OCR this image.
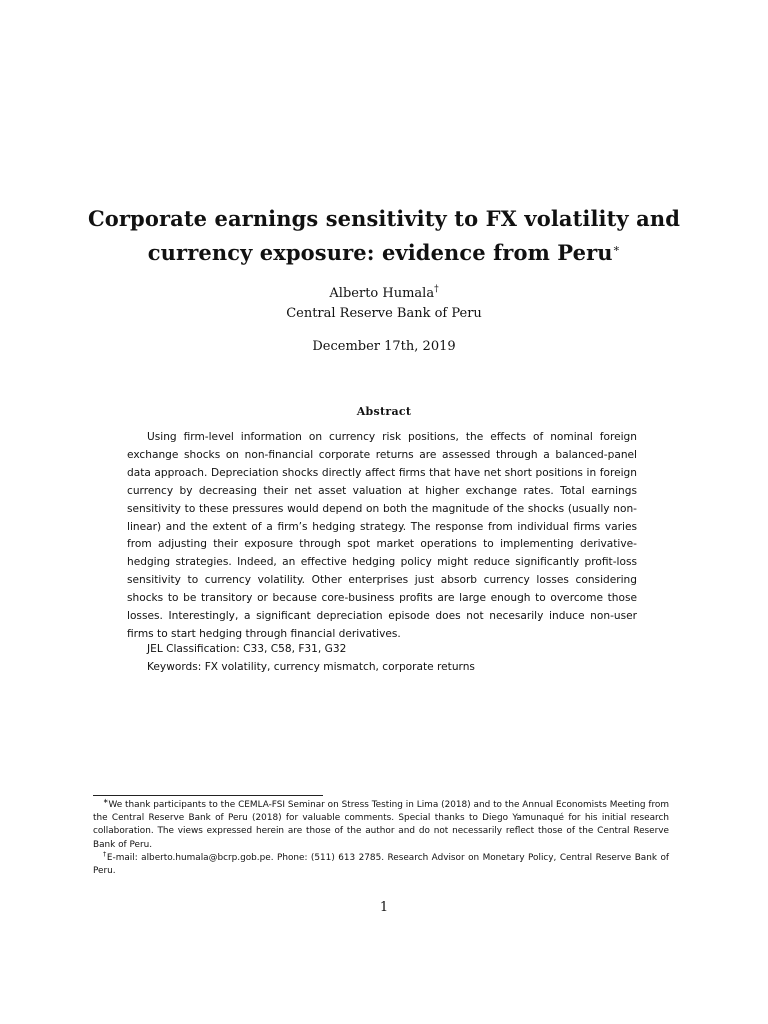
Corporate earnings sensitivity to FX volatility and
currency exposure: evidence from Peru∗
Alberto Humala†
Central Reserve Bank of Peru
December 17th, 2019
Abstract

Using firm-level information on currency risk positions, the effects of nominal foreign exchange shocks on non-financial corporate returns are assessed through a balanced-panel data approach. Depreciation shocks directly affect firms that have net short positions in foreign currency by decreasing their net asset valuation at higher exchange rates. Total earnings sensitivity to these pressures would depend on both the magnitude of the shocks (usually non-linear) and the extent of a firm’s hedging strategy. The response from individual firms varies from adjusting their exposure through spot market operations to implementing derivative-hedging strategies. Indeed, an effective hedging policy might reduce significantly profit-loss sensitivity to currency volatility. Other enterprises just absorb currency losses considering shocks to be transitory or because core-business profits are large enough to overcome those losses. Interestingly, a significant depreciation episode does not necesarily induce non-user firms to start hedging through financial derivatives.

JEL Classification: C33, C58, F31, G32
Keywords: FX volatility, currency mismatch, corporate returns

∗We thank participants to the CEMLA-FSI Seminar on Stress Testing in Lima (2018) and to the Annual Economists Meeting from the Central Reserve Bank of Peru (2018) for valuable comments. Special thanks to Diego Yamunaqué for his initial research collaboration. The views expressed herein are those of the author and do not necessarily reflect those of the Central Reserve Bank of Peru.

†E-mail: alberto.humala@bcrp.gob.pe. Phone: (511) 613 2785. Research Advisor on Monetary Policy, Central Reserve Bank of Peru.

1
